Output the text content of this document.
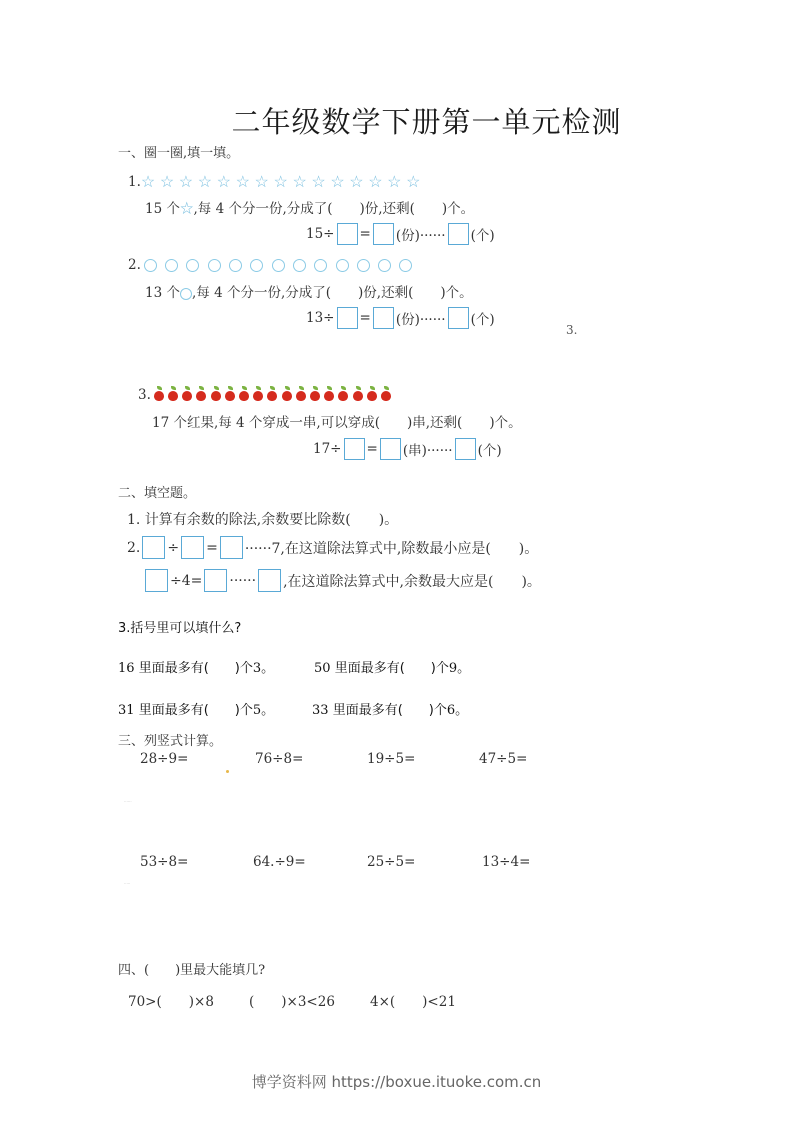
二年级数学下册第一单元检测
一、圈一圈,填一填。
1. ☆☆☆☆☆☆☆☆☆☆☆☆☆☆☆
15 个☆,每 4 个分一份,分成了(　　)份,还剩(　　)个。
15÷ = (份)······ (个)
2.
13 个 ,每 4 个分一份,分成了(　　)份,还剩(　　)个。
13÷ = (份)······ (个)
3.
3.
17 个红果,每 4 个穿成一串,可以穿成(　　)串,还剩(　　)个。
17÷ = (串)······ (个)
二、填空题。
1. 计算有余数的除法,余数要比除数(　　)。
2. ÷ = ······7,在这道除法算式中,除数最小应是(　　)。
÷4= ······ ,在这道除法算式中,余数最大应是(　　)。
3.括号里可以填什么?
16 里面最多有(　　)个3。	50 里面最多有(　　)个9。
31 里面最多有(　　)个5。	33 里面最多有(　　)个6。
三、列竖式计算。
28÷9=	76÷8=	19÷5=	47÷5=
......
53÷8=	64.÷9=	25÷5=	13÷4=
.....
四、(　　)里最大能填几?
70>(　　)×8	(　　)×3<26	4×(　　)<21
博学资料网 https://boxue.ituoke.com.cn
